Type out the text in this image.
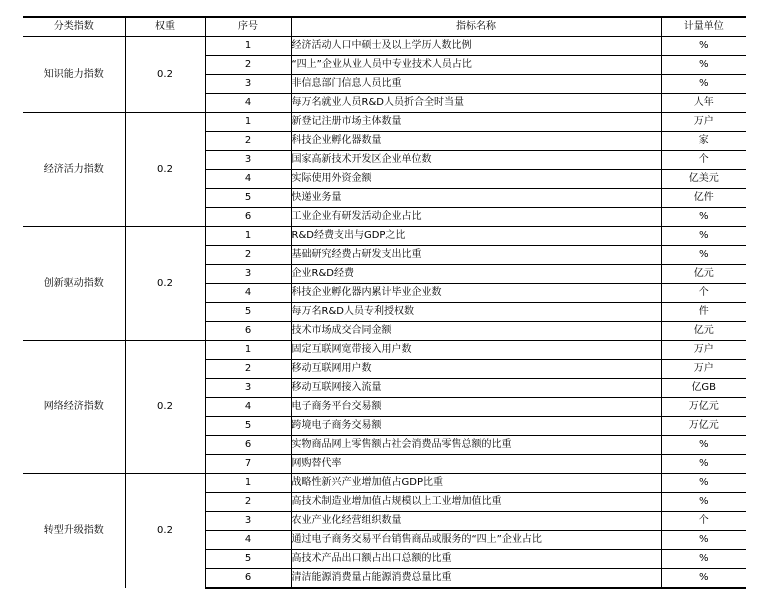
分类指数	权重	序号	指标名称	计量单位
知识能力指数	0.2	1	经济活动人口中硕士及以上学历人数比例	%
		2	“四上”企业从业人员中专业技术人员占比	%
		3	非信息部门信息人员比重	%
		4	每万名就业人员R&D人员折合全时当量	人年
经济活力指数	0.2	1	新登记注册市场主体数量	万户
		2	科技企业孵化器数量	家
		3	国家高新技术开发区企业单位数	个
		4	实际使用外资金额	亿美元
		5	快递业务量	亿件
		6	工业企业有研发活动企业占比	%
创新驱动指数	0.2	1	R&D经费支出与GDP之比	%
		2	基础研究经费占研发支出比重	%
		3	企业R&D经费	亿元
		4	科技企业孵化器内累计毕业企业数	个
		5	每万名R&D人员专利授权数	件
		6	技术市场成交合同金额	亿元
网络经济指数	0.2	1	固定互联网宽带接入用户数	万户
		2	移动互联网用户数	万户
		3	移动互联网接入流量	亿GB
		4	电子商务平台交易额	万亿元
		5	跨境电子商务交易额	万亿元
		6	实物商品网上零售额占社会消费品零售总额的比重	%
		7	网购替代率	%
转型升级指数	0.2	1	战略性新兴产业增加值占GDP比重	%
		2	高技术制造业增加值占规模以上工业增加值比重	%
		3	农业产业化经营组织数量	个
		4	通过电子商务交易平台销售商品或服务的“四上”企业占比	%
		5	高技术产品出口额占出口总额的比重	%
		6	清洁能源消费量占能源消费总量比重	%
